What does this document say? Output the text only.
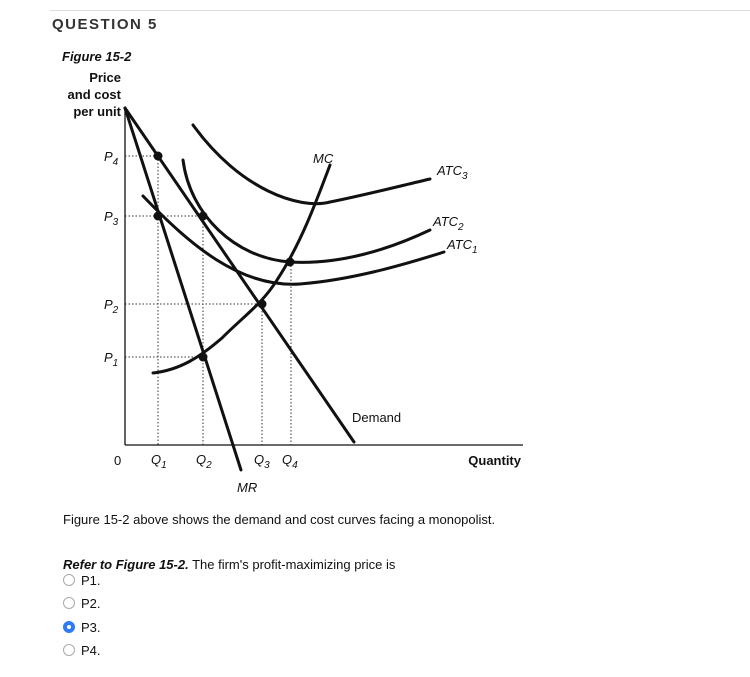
QUESTION 5
Figure 15-2
Price
and cost
per unit
$P_4$
$P_3$
$P_2$
$P_1$
0 $Q_1$ $Q_2$	$Q_3$ $Q_4$
MC
MR
Demand
$ATC_3$
$ATC_2$
$ATC_1$
Quantity
Figure 15-2 above shows the demand and cost curves facing a monopolist.
Refer to Figure 15-2. The firm's profit-maximizing price is
P1.
P2.
P3.
P4.
